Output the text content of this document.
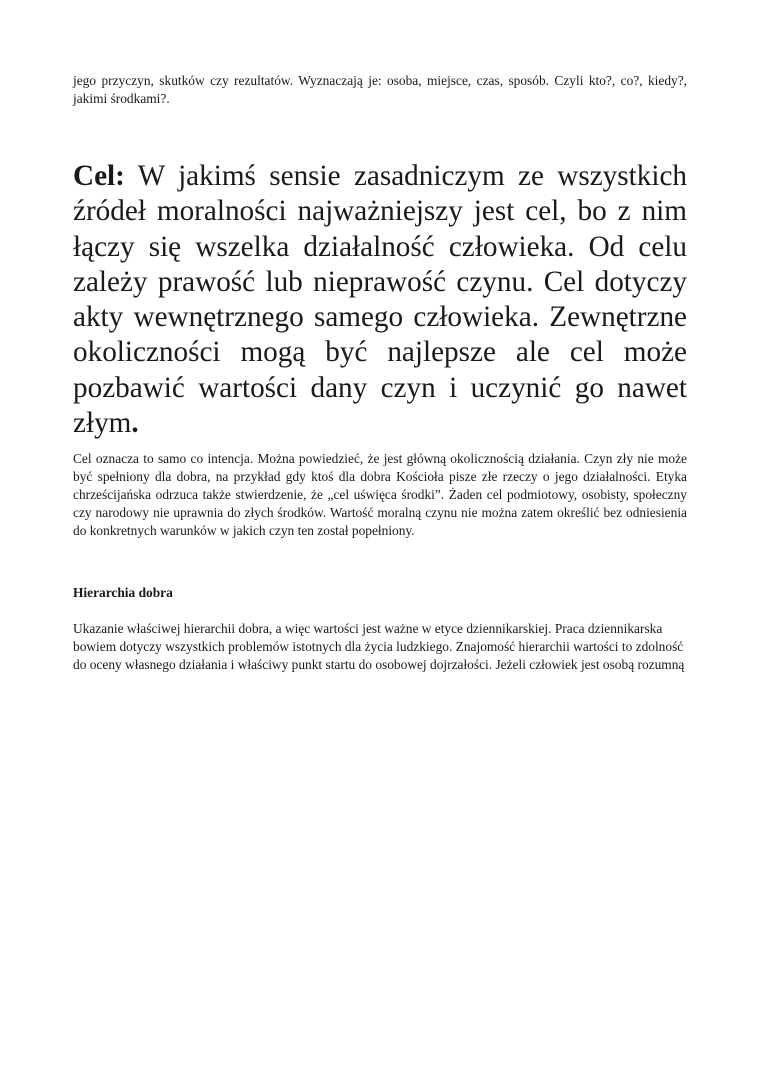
jego przyczyn, skutków czy rezultatów. Wyznaczają je: osoba, miejsce, czas, sposób. Czyli kto?, co?, kiedy?, jakimi środkami?.

Cel: W jakimś sensie zasadniczym ze wszystkich źródeł moralności najważniejszy jest cel, bo z nim łączy się wszelka działalność człowieka. Od celu zależy prawość lub nieprawość czynu. Cel dotyczy akty wewnętrznego samego człowieka. Zewnętrzne okoliczności mogą być najlepsze ale cel może pozbawić wartości dany czyn i uczynić go nawet złym.

Cel oznacza to samo co intencja. Można powiedzieć, że jest główną okolicznością działania. Czyn zły nie może być spełniony dla dobra, na przykład gdy ktoś dla dobra Kościoła pisze złe rzeczy o jego działalności. Etyka chrześcijańska odrzuca także stwierdzenie, że „cel uświęca środki”. Żaden cel podmiotowy, osobisty, społeczny czy narodowy nie uprawnia do złych środków. Wartość moralną czynu nie można zatem określić bez odniesienia do konkretnych warunków w jakich czyn ten został popełniony.

Hierarchia dobra

Ukazanie właściwej hierarchii dobra, a więc wartości jest ważne w etyce dziennikarskiej. Praca dziennikarska bowiem dotyczy wszystkich problemów istotnych dla życia ludzkiego. Znajomość hierarchii wartości to zdolność do oceny własnego działania i właściwy punkt startu do osobowej dojrzałości. Jeżeli człowiek jest osobą rozumną
